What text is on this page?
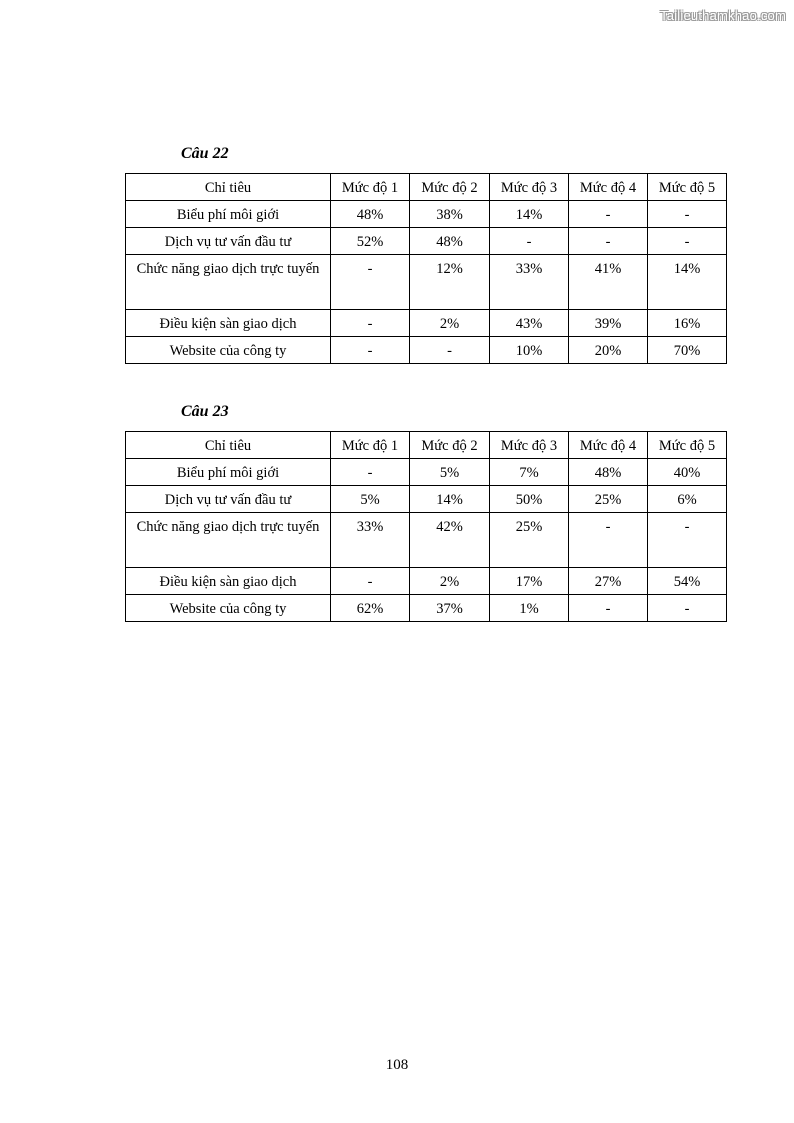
Tailieuthamkhao.com
Câu 22
Chỉ tiêu	Mức độ 1	Mức độ 2	Mức độ 3	Mức độ 4	Mức độ 5
Biểu phí môi giới	48%	38%	14%	-	-
Dịch vụ tư vấn đầu tư	52%	48%	-	-	-
Chức năng giao dịch trực tuyến	-	12%	33%	41%	14%
Điều kiện sàn giao dịch	-	2%	43%	39%	16%
Website của công ty	-	-	10%	20%	70%
Câu 23
Chỉ tiêu	Mức độ 1	Mức độ 2	Mức độ 3	Mức độ 4	Mức độ 5
Biểu phí môi giới	-	5%	7%	48%	40%
Dịch vụ tư vấn đầu tư	5%	14%	50%	25%	6%
Chức năng giao dịch trực tuyến	33%	42%	25%	-	-
Điều kiện sàn giao dịch	-	2%	17%	27%	54%
Website của công ty	62%	37%	1%	-	-
108
